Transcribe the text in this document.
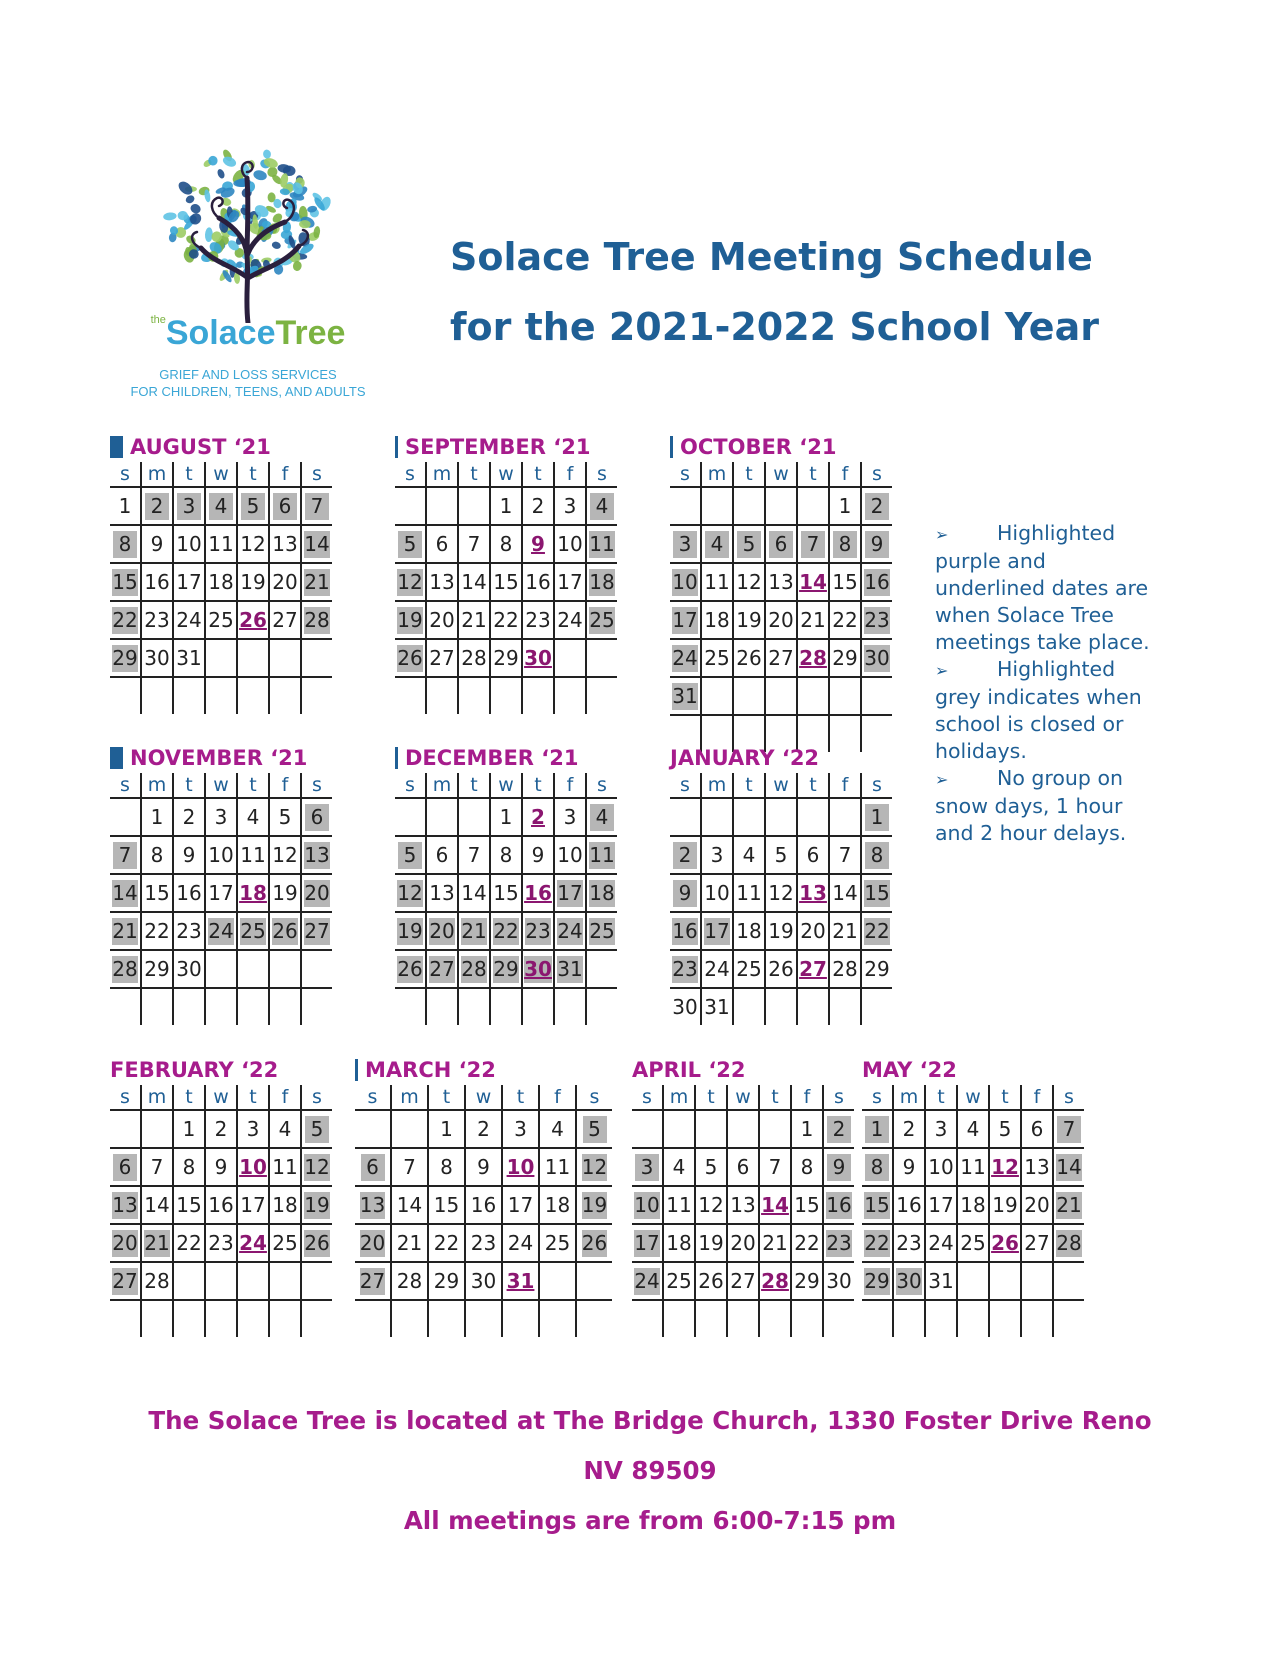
$^{the}$SolaceTree
GRIEF AND LOSS SERVICES
FOR CHILDREN, TEENS, AND ADULTS
Solace Tree Meeting Schedule
for the 2021-2022 School Year
AUGUST ‘21
s	m	t	w	t	f	s
1	2	3	4	5	6	7
8	9	10	11	12	13	14
15	16	17	18	19	20	21
22	23	24	25	26	27	28
29	30	31				

SEPTEMBER ‘21
s	m	t	w	t	f	s
			1	2	3	4
5	6	7	8	9	10	11
12	13	14	15	16	17	18
19	20	21	22	23	24	25
26	27	28	29	30		

OCTOBER ‘21
s	m	t	w	t	f	s
					1	2
3	4	5	6	7	8	9
10	11	12	13	14	15	16
17	18	19	20	21	22	23
24	25	26	27	28	29	30
31						

NOVEMBER ‘21
s	m	t	w	t	f	s
	1	2	3	4	5	6
7	8	9	10	11	12	13
14	15	16	17	18	19	20
21	22	23	24	25	26	27
28	29	30				

DECEMBER ‘21
s	m	t	w	t	f	s
			1	2	3	4
5	6	7	8	9	10	11
12	13	14	15	16	17	18
19	20	21	22	23	24	25
26	27	28	29	30	31	

JANUARY ‘22
s	m	t	w	t	f	s
						1
2	3	4	5	6	7	8
9	10	11	12	13	14	15
16	17	18	19	20	21	22
23	24	25	26	27	28	29
30	31					
FEBRUARY ‘22
s	m	t	w	t	f	s
		1	2	3	4	5
6	7	8	9	10	11	12
13	14	15	16	17	18	19
20	21	22	23	24	25	26
27	28					

MARCH ‘22
s	m	t	w	t	f	s
		1	2	3	4	5
6	7	8	9	10	11	12
13	14	15	16	17	18	19
20	21	22	23	24	25	26
27	28	29	30	31		

APRIL ‘22
s	m	t	w	t	f	s
					1	2
3	4	5	6	7	8	9
10	11	12	13	14	15	16
17	18	19	20	21	22	23
24	25	26	27	28	29	30

MAY ‘22
s	m	t	w	t	f	s
1	2	3	4	5	6	7
8	9	10	11	12	13	14
15	16	17	18	19	20	21
22	23	24	25	26	27	28
29	30	31				

➢ Highlighted purple and underlined dates are when Solace Tree meetings take place.

➢ Highlighted grey indicates when school is closed or holidays.

➢ No group on snow days, 1 hour and 2 hour delays.

The Solace Tree is located at The Bridge Church, 1330 Foster Drive Reno
NV 89509
All meetings are from 6:00-7:15 pm
